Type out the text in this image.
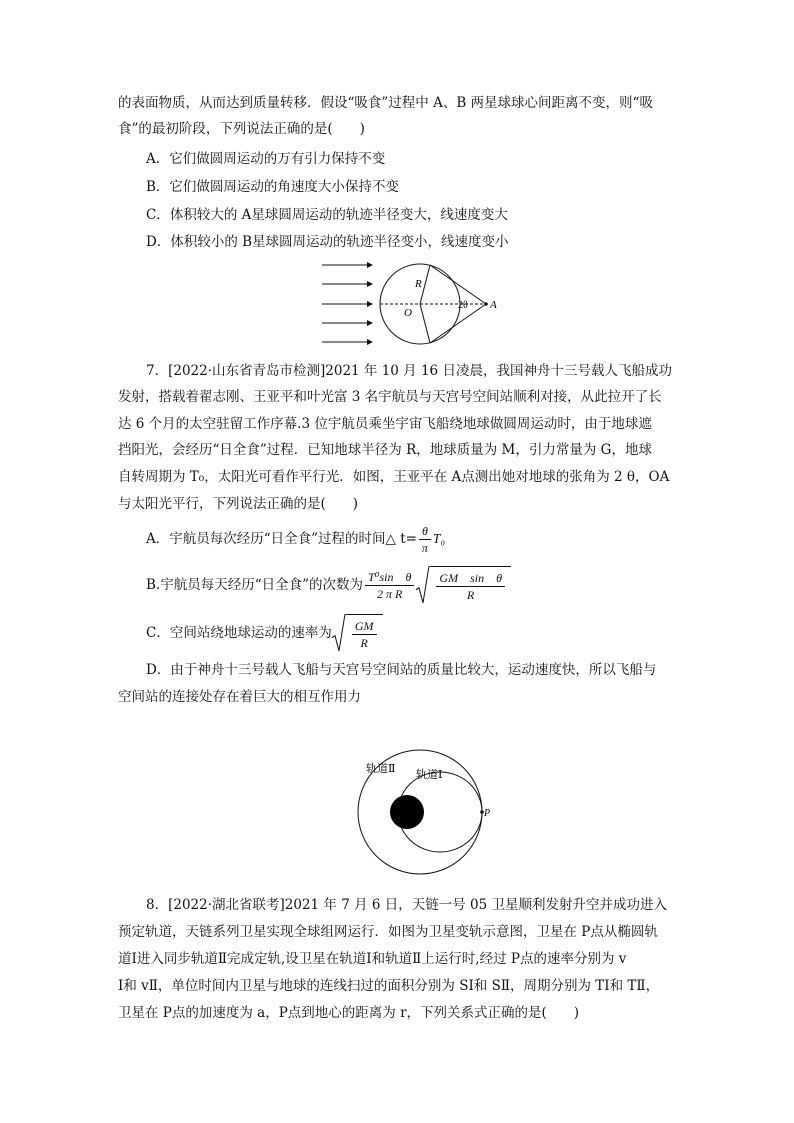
的表面物质，从而达到质量转移．假设“吸食”过程中 A、B 两星球球心间距离不变，则“吸
食”的最初阶段，下列说法正确的是(　　)
A．它们做圆周运动的万有引力保持不变
B．它们做圆周运动的角速度大小保持不变
C．体积较大的 A星球圆周运动的轨迹半径变大，线速度变大
D．体积较小的 B星球圆周运动的轨迹半径变小，线速度变小
R
O
2θ A
7．[2022·山东省青岛市检测]2021 年 10 月 16 日凌晨，我国神舟十三号载人飞船成功
发射，搭载着翟志刚、王亚平和叶光富 3 名宇航员与天宫号空间站顺利对接，从此拉开了长
达 6 个月的太空驻留工作序幕.3 位宇航员乘坐宇宙飞船绕地球做圆周运动时，由于地球遮
挡阳光，会经历“日全食”过程．已知地球半径为 R，地球质量为 M，引力常量为 G，地球
自转周期为 T₀，太阳光可看作平行光．如图，王亚平在 A点测出她对地球的张角为 2 θ，OA
与太阳光平行，下列说法正确的是(　　)
A．宇航员每次经历“日全食”过程的时间△ $t= \frac{\theta}{\pi} T_0$
B.宇航员每天经历“日全食”的次数为 $\frac{\text{T⁰sin　θ}}{\text{2 π R}} \frac{\text{GM　sin　θ}}{R}$
C．空间站绕地球运动的速率为 $\frac{GM}{R}$
D．由于神舟十三号载人飞船与天宫号空间站的质量比较大，运动速度快，所以飞船与
空间站的连接处存在着巨大的相互作用力
轨道Ⅱ 轨道Ⅰ
P
8．[2022·湖北省联考]2021 年 7 月 6 日，天链一号 05 卫星顺利发射升空并成功进入
预定轨道，天链系列卫星实现全球组网运行．如图为卫星变轨示意图，卫星在 P点从椭圆轨
道Ⅰ进入同步轨道Ⅱ完成定轨,设卫星在轨道Ⅰ和轨道Ⅱ上运行时,经过 P点的速率分别为 v
Ⅰ和 vⅡ，单位时间内卫星与地球的连线扫过的面积分别为 SⅠ和 SⅡ，周期分别为 TⅠ和 TⅡ，
卫星在 P点的加速度为 a，P点到地心的距离为 r，下列关系式正确的是(　　)
